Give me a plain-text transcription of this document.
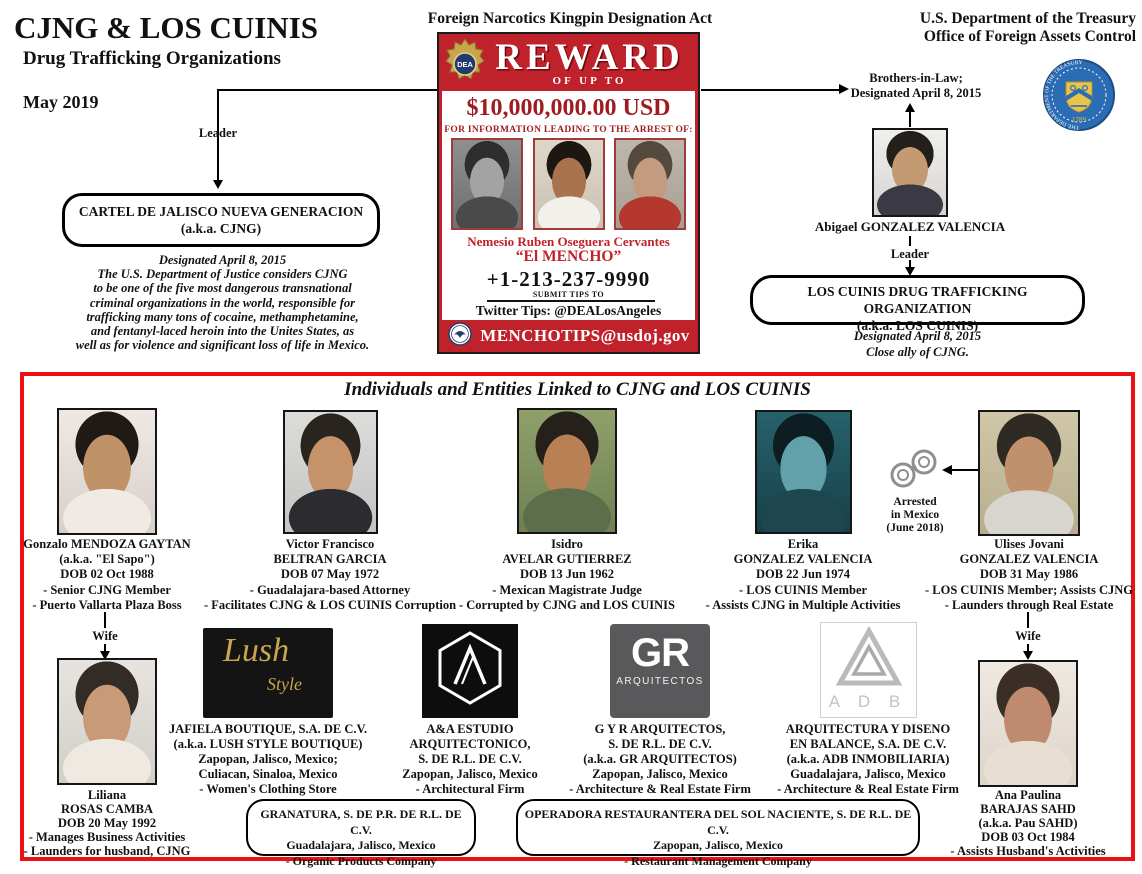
CJNG & LOS CUINIS
Drug Trafficking Organizations
May 2019
Foreign Narcotics Kingpin Designation Act	U.S. Department of the Treasury
Office of Foreign Assets Control
THE DEPARTMENT OF THE TREASURY
1789
Leader
CARTEL DE JALISCO NUEVA GENERACION
(a.k.a. CJNG)
Designated April 8, 2015
The U.S. Department of Justice considers CJNG
to be one of the five most dangerous transnational
criminal organizations in the world, responsible for
trafficking many tons of cocaine, methamphetamine,
and fentanyl-laced heroin into the Unites States, as
well as for violence and significant loss of life in Mexico.
Brothers-in-Law;
Designated April 8, 2015
Abigael GONZALEZ VALENCIA
Leader
LOS CUINIS DRUG TRAFFICKING ORGANIZATION
(a.k.a. LOS CUINIS)
Designated April 8, 2015
Close ally of CJNG.
DEA REWARD
OF UP TO
$10,000,000.00 USD
FOR INFORMATION LEADING TO THE ARREST OF:
Nemesio Ruben Oseguera Cervantes
“El MENCHO”
+1-213-237-9990
SUBMIT TIPS TO
Twitter Tips: @DEALosAngeles
MENCHOTIPS@usdoj.gov
Individuals and Entities Linked to CJNG and LOS CUINIS
Gonzalo MENDOZA GAYTAN
(a.k.a. "El Sapo")
DOB 02 Oct 1988
- Senior CJNG Member
- Puerto Vallarta Plaza Boss
Victor Francisco
BELTRAN GARCIA
DOB 07 May 1972
- Guadalajara-based Attorney
- Facilitates CJNG & LOS CUINIS Corruption
Isidro
AVELAR GUTIERREZ
DOB 13 Jun 1962
- Mexican Magistrate Judge
- Corrupted by CJNG and LOS CUINIS
Erika
GONZALEZ VALENCIA
DOB 22 Jun 1974
- LOS CUINIS Member
- Assists CJNG in Multiple Activities
Ulises Jovani
GONZALEZ VALENCIA
DOB 31 May 1986
- LOS CUINIS Member; Assists CJNG
- Launders through Real Estate
Arrested
in Mexico
(June 2018)
Wife	Wife
Lush
Style
GR
ARQUITECTOS
A D B
Liliana
ROSAS CAMBA
DOB 20 May 1992
- Manages Business Activities
- Launders for husband, CJNG
Ana Paulina
BARAJAS SAHD
(a.k.a. Pau SAHD)
DOB 03 Oct 1984
- Assists Husband's Activities
JAFIELA BOUTIQUE, S.A. DE C.V.
(a.k.a. LUSH STYLE BOUTIQUE)
Zapopan, Jalisco, Mexico;
Culiacan, Sinaloa, Mexico
- Women's Clothing Store
A&A ESTUDIO
ARQUITECTONICO,
S. DE R.L. DE C.V.
Zapopan, Jalisco, Mexico
- Architectural Firm
G Y R ARQUITECTOS,
S. DE R.L. DE C.V.
(a.k.a. GR ARQUITECTOS)
Zapopan, Jalisco, Mexico
- Architecture & Real Estate Firm
ARQUITECTURA Y DISENO
EN BALANCE, S.A. DE C.V.
(a.k.a. ADB INMOBILIARIA)
Guadalajara, Jalisco, Mexico
- Architecture & Real Estate Firm
GRANATURA, S. DE P.R. DE R.L. DE C.V.
Guadalajara, Jalisco, Mexico
- Organic Products Company
OPERADORA RESTAURANTERA DEL SOL NACIENTE, S. DE R.L. DE C.V.
Zapopan, Jalisco, Mexico
- Restaurant Management Company
